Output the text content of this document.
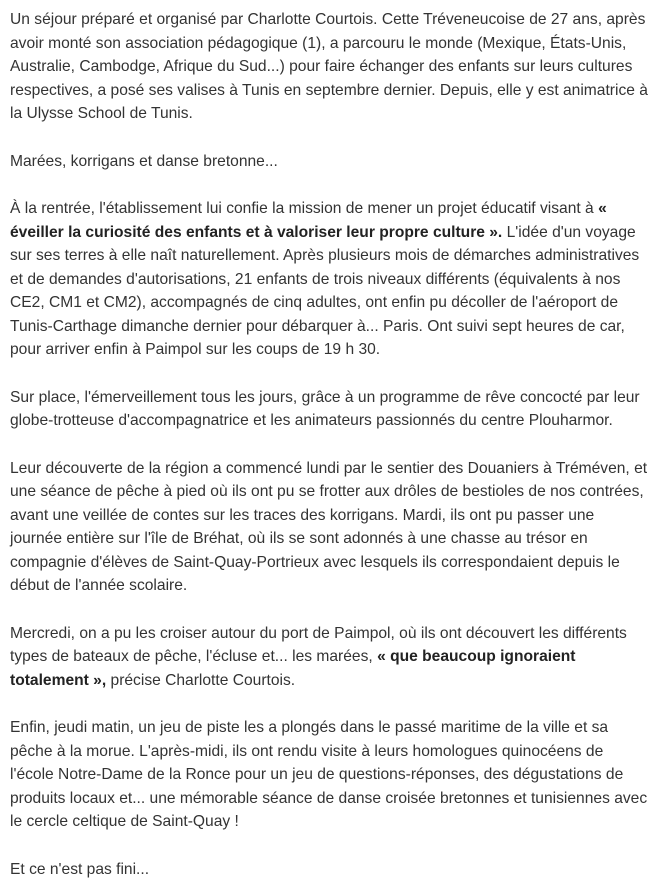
Un séjour préparé et organisé par Charlotte Courtois. Cette Tréveneucoise de 27 ans, après avoir monté son association pédagogique (1), a parcouru le monde (Mexique, États-Unis, Australie, Cambodge, Afrique du Sud...) pour faire échanger des enfants sur leurs cultures respectives, a posé ses valises à Tunis en septembre dernier. Depuis, elle y est animatrice à la Ulysse School de Tunis.

Marées, korrigans et danse bretonne...

À la rentrée, l'établissement lui confie la mission de mener un projet éducatif visant à « éveiller la curiosité des enfants et à valoriser leur propre culture ». L'idée d'un voyage sur ses terres à elle naît naturellement. Après plusieurs mois de démarches administratives et de demandes d'autorisations, 21 enfants de trois niveaux différents (équivalents à nos CE2, CM1 et CM2), accompagnés de cinq adultes, ont enfin pu décoller de l'aéroport de Tunis-Carthage dimanche dernier pour débarquer à... Paris. Ont suivi sept heures de car, pour arriver enfin à Paimpol sur les coups de 19 h 30.

Sur place, l'émerveillement tous les jours, grâce à un programme de rêve concocté par leur globe-trotteuse d'accompagnatrice et les animateurs passionnés du centre Plouharmor.

Leur découverte de la région a commencé lundi par le sentier des Douaniers à Tréméven, et une séance de pêche à pied où ils ont pu se frotter aux drôles de bestioles de nos contrées, avant une veillée de contes sur les traces des korrigans. Mardi, ils ont pu passer une journée entière sur l'île de Bréhat, où ils se sont adonnés à une chasse au trésor en compagnie d'élèves de Saint-Quay-Portrieux avec lesquels ils correspondaient depuis le début de l'année scolaire.

Mercredi, on a pu les croiser autour du port de Paimpol, où ils ont découvert les différents types de bateaux de pêche, l'écluse et... les marées, « que beaucoup ignoraient totalement », précise Charlotte Courtois.

Enfin, jeudi matin, un jeu de piste les a plongés dans le passé maritime de la ville et sa pêche à la morue. L'après-midi, ils ont rendu visite à leurs homologues quinocéens de l'école Notre-Dame de la Ronce pour un jeu de questions-réponses, des dégustations de produits locaux et... une mémorable séance de danse croisée bretonnes et tunisiennes avec le cercle celtique de Saint-Quay !

Et ce n'est pas fini...
